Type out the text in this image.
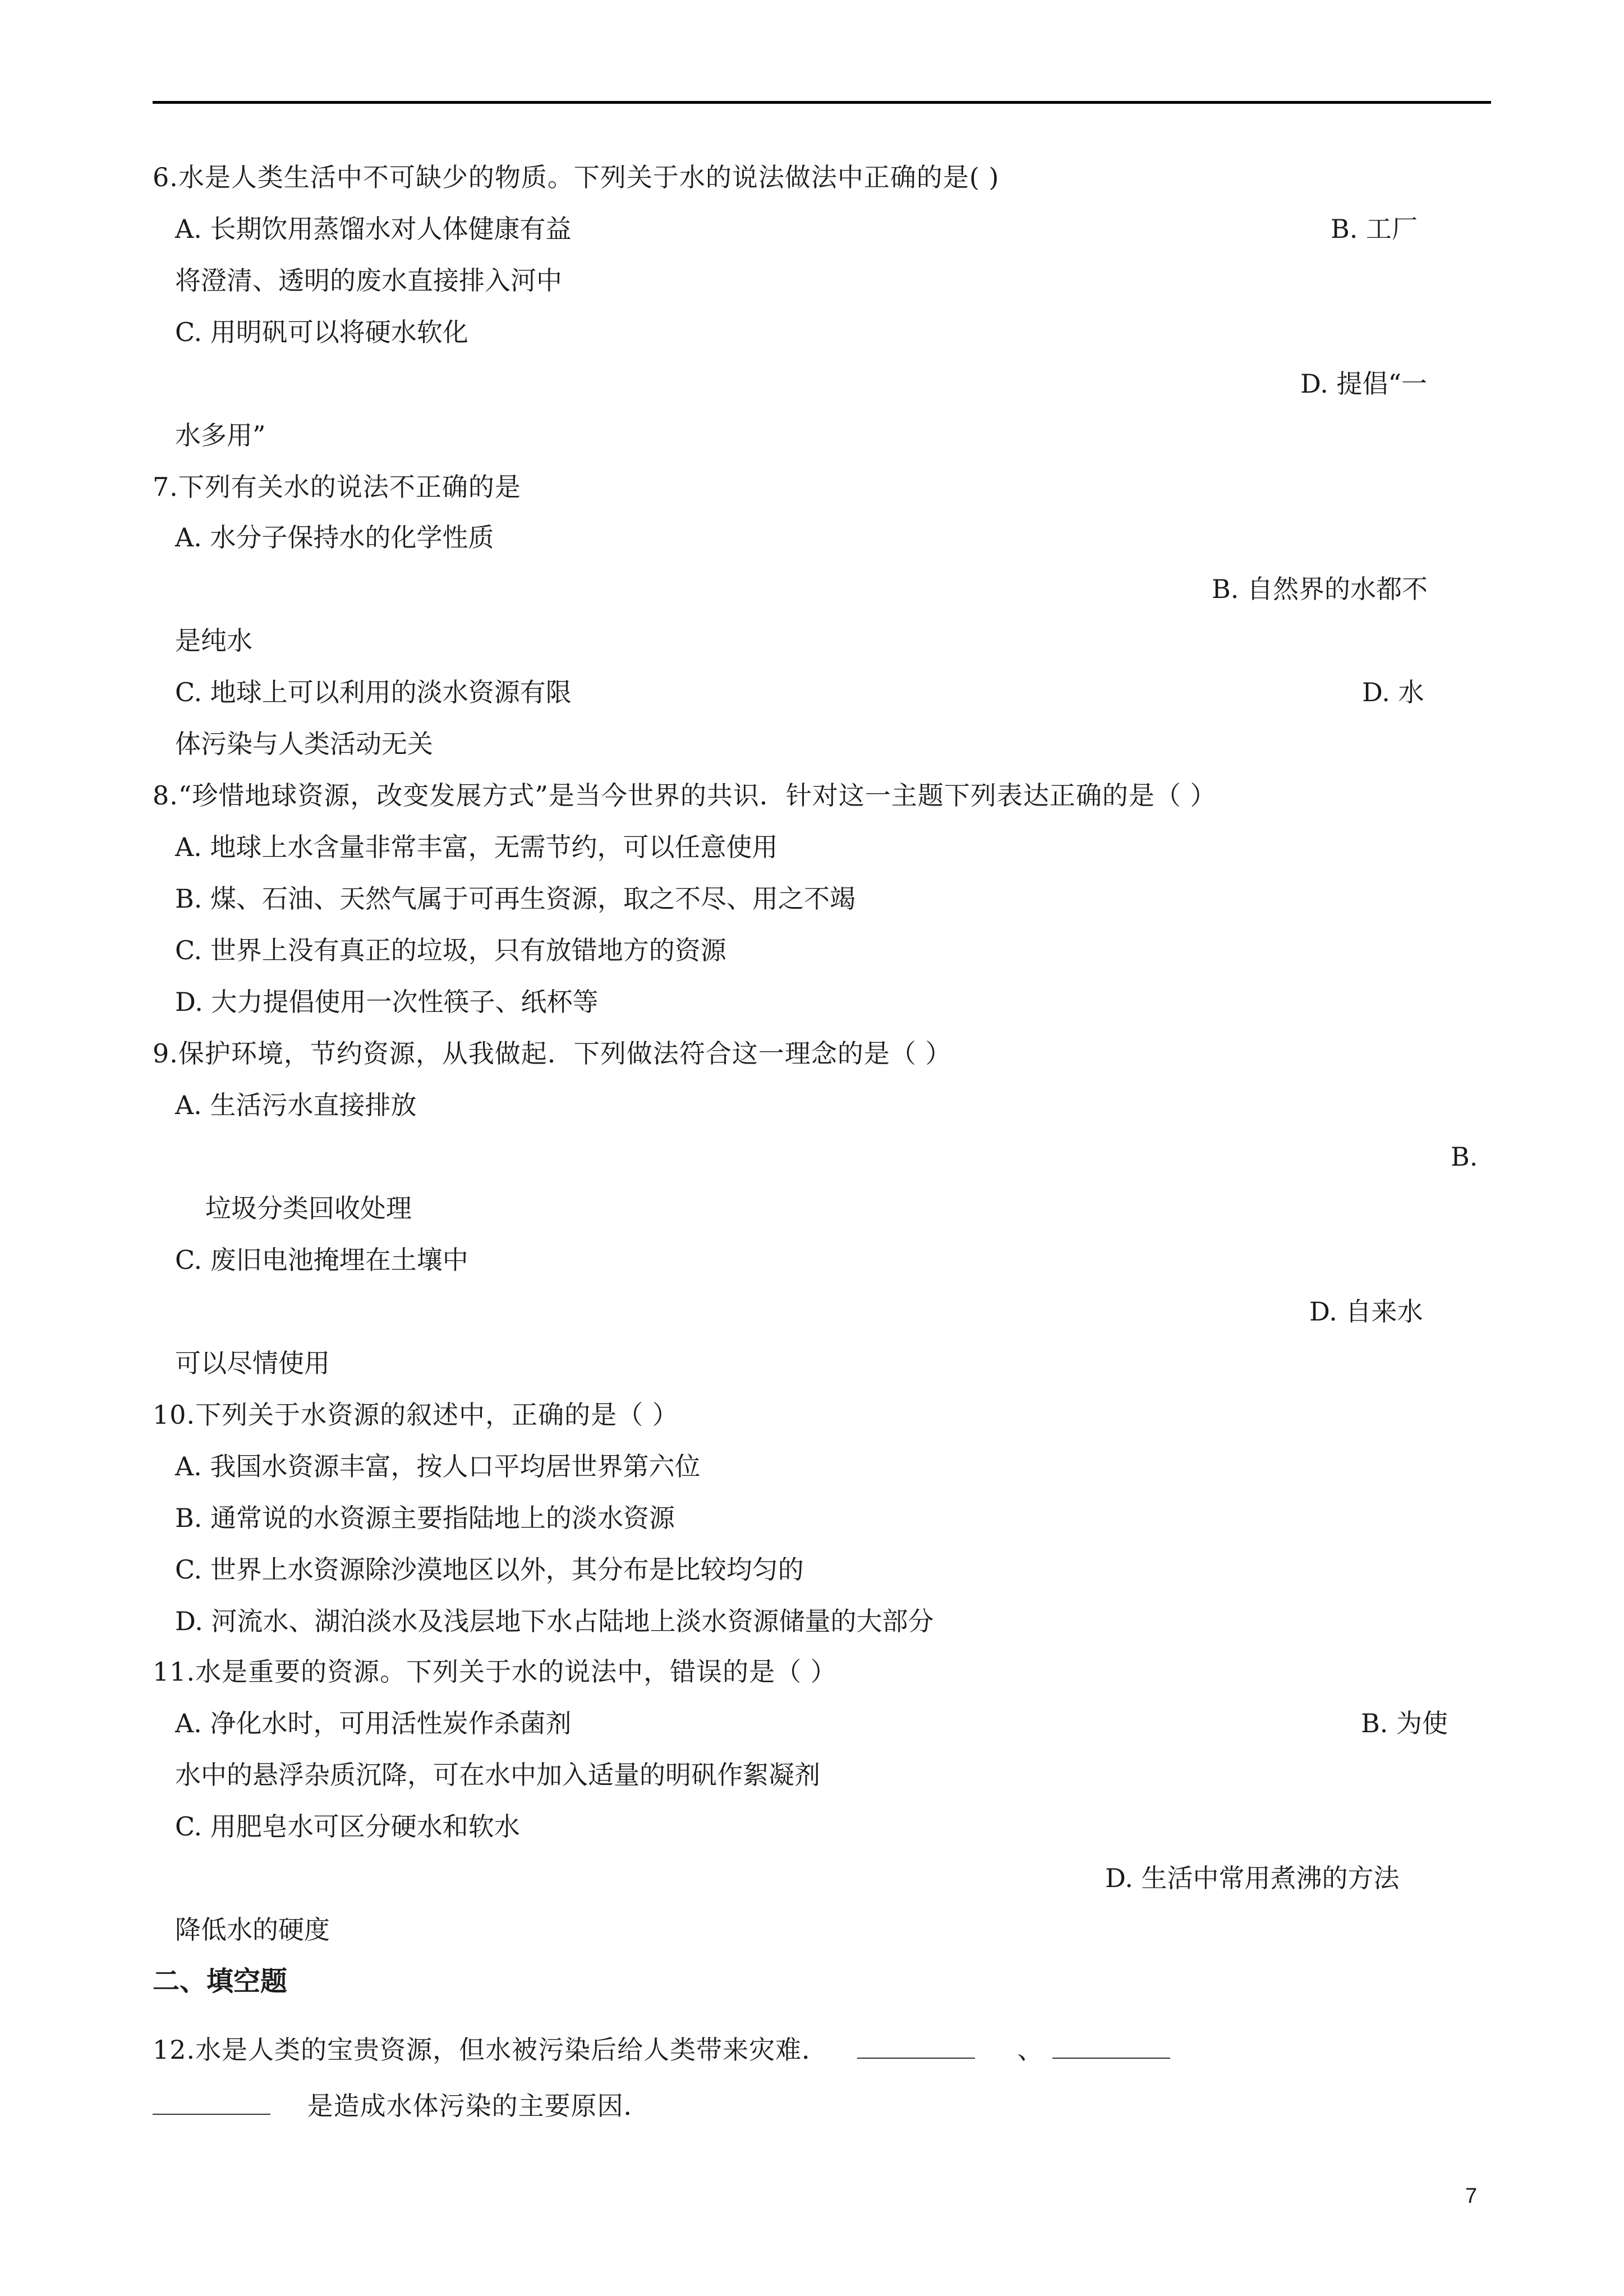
6.水是人类生活中不可缺少的物质。下列关于水的说法做法中正确的是( )
A. 长期饮用蒸馏水对人体健康有益	B. 工厂
将澄清、透明的废水直接排入河中
C. 用明矾可以将硬水软化
D. 提倡“一
水多用”
7.下列有关水的说法不正确的是
A. 水分子保持水的化学性质
B. 自然界的水都不
是纯水
C. 地球上可以利用的淡水资源有限	D. 水
体污染与人类活动无关
8.“珍惜地球资源，改变发展方式”是当今世界的共识．针对这一主题下列表达正确的是（ ）
A. 地球上水含量非常丰富，无需节约，可以任意使用
B. 煤、石油、天然气属于可再生资源，取之不尽、用之不竭
C. 世界上没有真正的垃圾，只有放错地方的资源
D. 大力提倡使用一次性筷子、纸杯等
9.保护环境，节约资源，从我做起．下列做法符合这一理念的是（ ）
A. 生活污水直接排放
B.
垃圾分类回收处理
C. 废旧电池掩埋在土壤中
D. 自来水
可以尽情使用
10.下列关于水资源的叙述中，正确的是（ ）
A. 我国水资源丰富，按人口平均居世界第六位
B. 通常说的水资源主要指陆地上的淡水资源
C. 世界上水资源除沙漠地区以外，其分布是比较均匀的
D. 河流水、湖泊淡水及浅层地下水占陆地上淡水资源储量的大部分
11.水是重要的资源。下列关于水的说法中，错误的是（ ）
A. 净化水时，可用活性炭作杀菌剂	B. 为使
水中的悬浮杂质沉降，可在水中加入适量的明矾作絮凝剂
C. 用肥皂水可区分硬水和软水
D. 生活中常用煮沸的方法
降低水的硬度
二、填空题
12.水是人类的宝贵资源，但水被污染后给人类带来灾难．	、
是造成水体污染的主要原因．
7
